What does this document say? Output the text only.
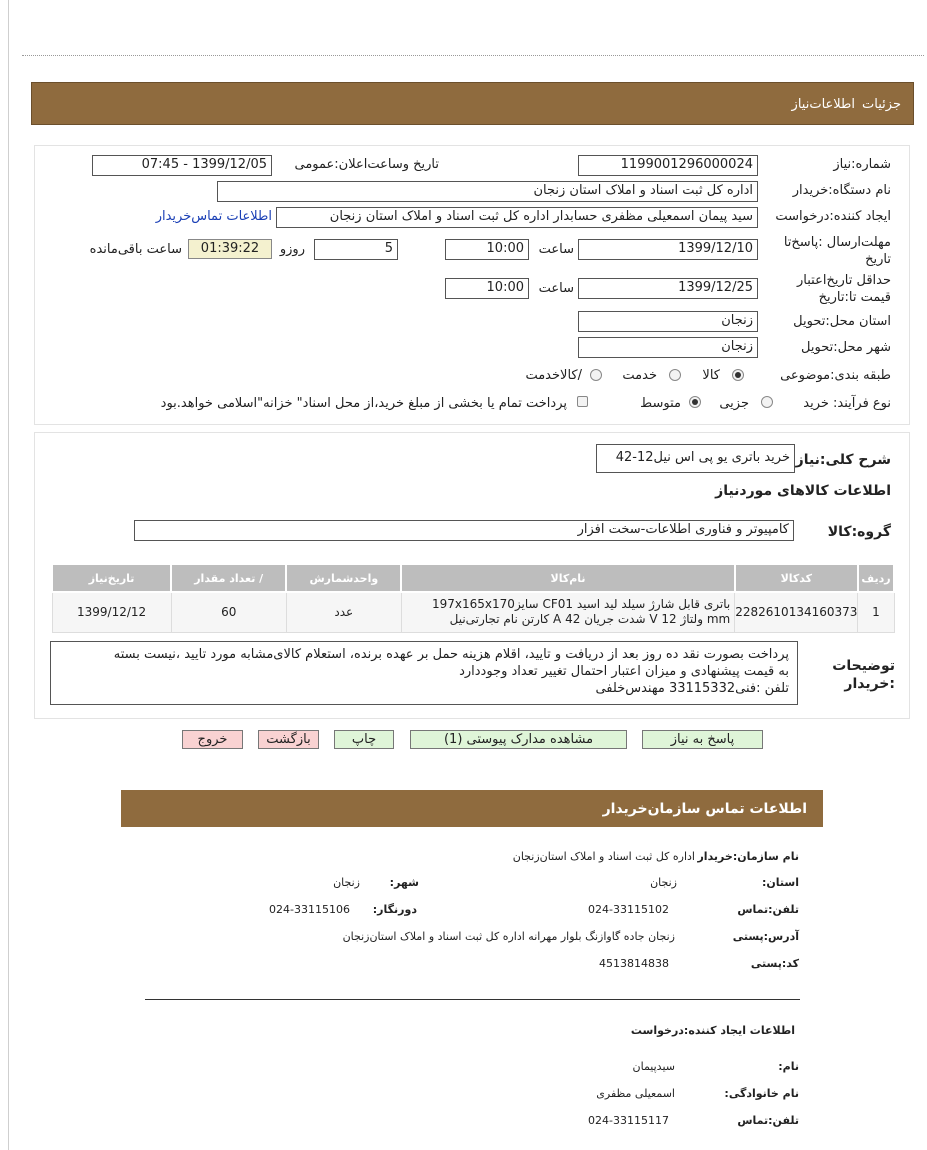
جزئیات
اطلاعات‌نیاز
شماره:نیاز
1199001296000024
تاریخ وساعت‌اعلان:عمومی
1399/12/05 - 07:45
نام دستگاه:خریدار
اداره کل ثبت اسناد و املاک استان زنجان
ایجاد کننده:درخواست
سید پیمان اسمعیلی مظفری حسابدار اداره کل ثبت اسناد و املاک استان زنجان
اطلاعات تماس‌خریدار
مهلت‌ارسال :پاسخ‌تا تاریخ
1399/12/10
ساعت
10:00
5
روزو
01:39:22
ساعت باقی‌مانده
حداقل تاریخ‌اعتبار قیمت تا:تاریخ
1399/12/25
ساعت
10:00
استان محل:تحویل
زنجان
شهر محل:تحویل
زنجان
طبقه بندی:موضوعی
کالا
خدمت
/کالاخدمت
نوع فرآیند: خرید
جزیی
متوسط
پرداخت تمام یا بخشی از مبلغ خرید،از محل اسناد" خزانه"اسلامی خواهد.بود
شرح کلی‌:نیاز
خرید باتری یو پی اس نیل12-42
اطلاعات کالاهای موردنیاز
گروه:کالا
کامپیوتر و فناوری اطلاعات-سخت افزار
ردیف	کدکالا	نام‌کالا	واحدشمارش	/ تعداد مقدار	تاریخ‌نیاز
1	2282610134160373	باتری قابل شارژ سیلد لید اسید CF01 سایز197x165x170 mm ولتاژ 12 V شدت جریان 42 A کارتن نام تجارتی‌نیل	عدد	60	1399/12/12
توضیحات :خریدار
پرداخت بصورت نقد ده روز بعد از دریافت و تایید، اقلام هزینه حمل بر عهده برنده، استعلام کالای‌مشابه مورد تایید ،نیست بسته
به قیمت پیشنهادی و میزان اعتبار احتمال تغییر تعداد وجوددارد
تلفن :فنی33115332 مهندس‌خلفی
پاسخ به نیاز
مشاهده مدارک پیوستی (1)
چاپ
بازگشت
خروج
اطلاعات تماس سازمان‌خریدار
نام سازمان:خریدار
اداره کل ثبت اسناد و املاک استان‌زنجان
استان:
زنجان
شهر:
زنجان
تلفن:تماس
024-33115102
دورنگار:
024-33115106
آدرس:پستی
زنجان جاده گاوازنگ بلوار مهرانه اداره کل ثبت اسناد و املاک استان‌زنجان
کد:پستی
4513814838
اطلاعات ایجاد کننده:درخواست
نام:
سیدپیمان
نام خانوادگی:
اسمعیلی مظفری
تلفن:تماس
024-33115117
